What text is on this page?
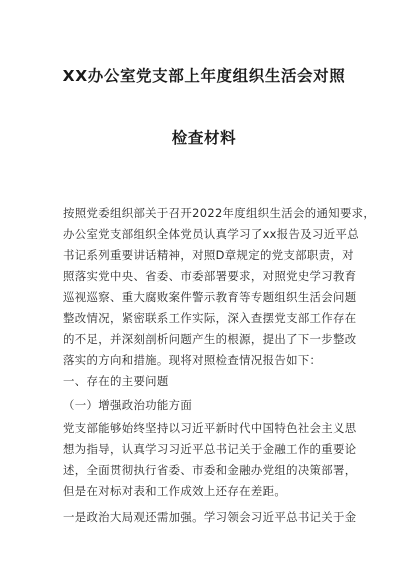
XX办公室党支部上年度组织生活会对照
检查材料
按照党委组织部关于召开2022年度组织生活会的通知要求，
办公室党支部组织全体党员认真学习了xx报告及习近平总
书记系列重要讲话精神，对照D章规定的党支部职责，对
照落实党中央、省委、市委部署要求，对照党史学习教育
巡视巡察、重大腐败案件警示教育等专题组织生活会问题
整改情况，紧密联系工作实际，深入查摆党支部工作存在
的不足，并深刻剖析问题产生的根源，提出了下一步整改
落实的方向和措施。现将对照检查情况报告如下：
一、存在的主要问题
（一）增强政治功能方面
党支部能够始终坚持以习近平新时代中国特色社会主义思
想为指导，认真学习习近平总书记关于金融工作的重要论
述，全面贯彻执行省委、市委和金融办党组的决策部署，
但是在对标对表和工作成效上还存在差距。
一是政治大局观还需加强。学习领会习近平总书记关于金
